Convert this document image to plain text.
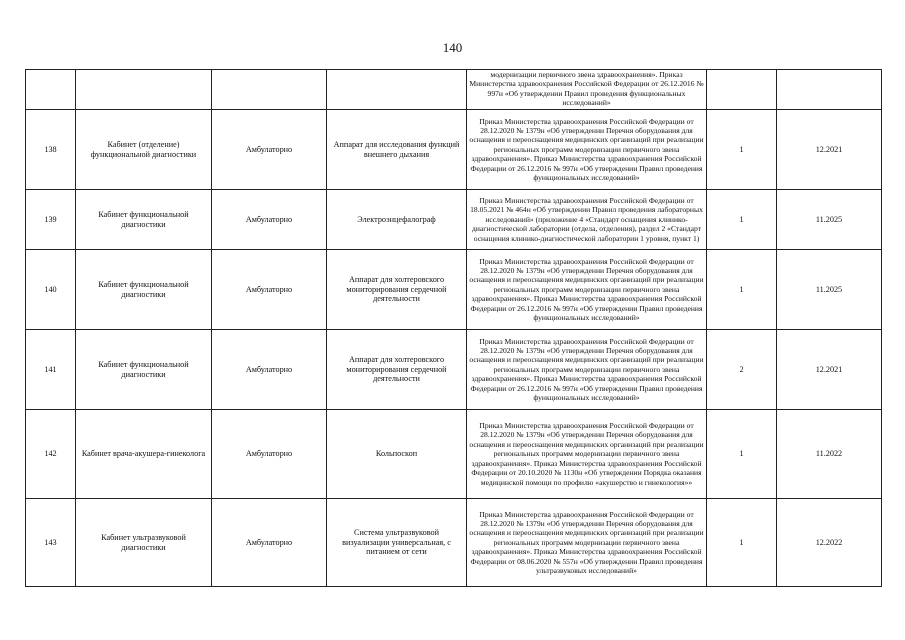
140
				модернизации первичного звена здравоохранения». Приказ Министерства здравоохранения Российской Федерации от 26.12.2016 № 997н «Об утверждении Правил проведения функциональных исследований»		
138	Кабинет (отделение) функциональной диагностики	Амбулаторно	Аппарат для исследования функций внешнего дыхания	Приказ Министерства здравоохранения Российской Федерации от 28.12.2020 № 1379н «Об утверждении Перечня оборудования для оснащения и переоснащения медицинских организаций при реализации региональных программ модернизации первичного звена здравоохранения». Приказ Министерства здравоохранения Российской Федерации от 26.12.2016 № 997н «Об утверждении Правил проведения функциональных исследований»	1	12.2021
139	Кабинет функциональной диагностики	Амбулаторно	Электроэнцефалограф	Приказ Министерства здравоохранения Российской Федерации от 18.05.2021 № 464н «Об утверждении Правил проведения лабораторных исследований» (приложение 4 «Стандарт оснащения клинико-диагностической лаборатории (отдела, отделения), раздел 2 «Стандарт оснащения клинико-диагностической лаборатории 1 уровня, пункт 1)	1	11.2025
140	Кабинет функциональной диагностики	Амбулаторно	Аппарат для холтеровского мониторирования сердечной деятельности	Приказ Министерства здравоохранения Российской Федерации от 28.12.2020 № 1379н «Об утверждении Перечня оборудования для оснащения и переоснащения медицинских организаций при реализации региональных программ модернизации первичного звена здравоохранения». Приказ Министерства здравоохранения Российской Федерации от 26.12.2016 № 997н «Об утверждении Правил проведения функциональных исследований»	1	11.2025
141	Кабинет функциональной диагностики	Амбулаторно	Аппарат для холтеровского мониторирования сердечной деятельности	Приказ Министерства здравоохранения Российской Федерации от 28.12.2020 № 1379н «Об утверждении Перечня оборудования для оснащения и переоснащения медицинских организаций при реализации региональных программ модернизации первичного звена здравоохранения». Приказ Министерства здравоохранения Российской Федерации от 26.12.2016 № 997н «Об утверждении Правил проведения функциональных исследований»	2	12.2021
142	Кабинет врача-акушера-гинеколога	Амбулаторно	Кольпоскоп	Приказ Министерства здравоохранения Российской Федерации от 28.12.2020 № 1379н «Об утверждении Перечня оборудования для оснащения и переоснащения медицинских организаций при реализации региональных программ модернизации первичного звена здравоохранения». Приказ Министерства здравоохранения Российской Федерации от 20.10.2020 № 1130н «Об утверждении Порядка оказания медицинской помощи по профилю «акушерство и гинекология»»	1	11.2022
143	Кабинет ультразвуковой диагностики	Амбулаторно	Система ультразвуковой визуализации универсальная, с питанием от сети	Приказ Министерства здравоохранения Российской Федерации от 28.12.2020 № 1379н «Об утверждении Перечня оборудования для оснащения и переоснащения медицинских организаций при реализации региональных программ модернизации первичного звена здравоохранения». Приказ Министерства здравоохранения Российской Федерации от 08.06.2020 № 557н «Об утверждении Правил проведения ультразвуковых исследований»	1	12.2022
